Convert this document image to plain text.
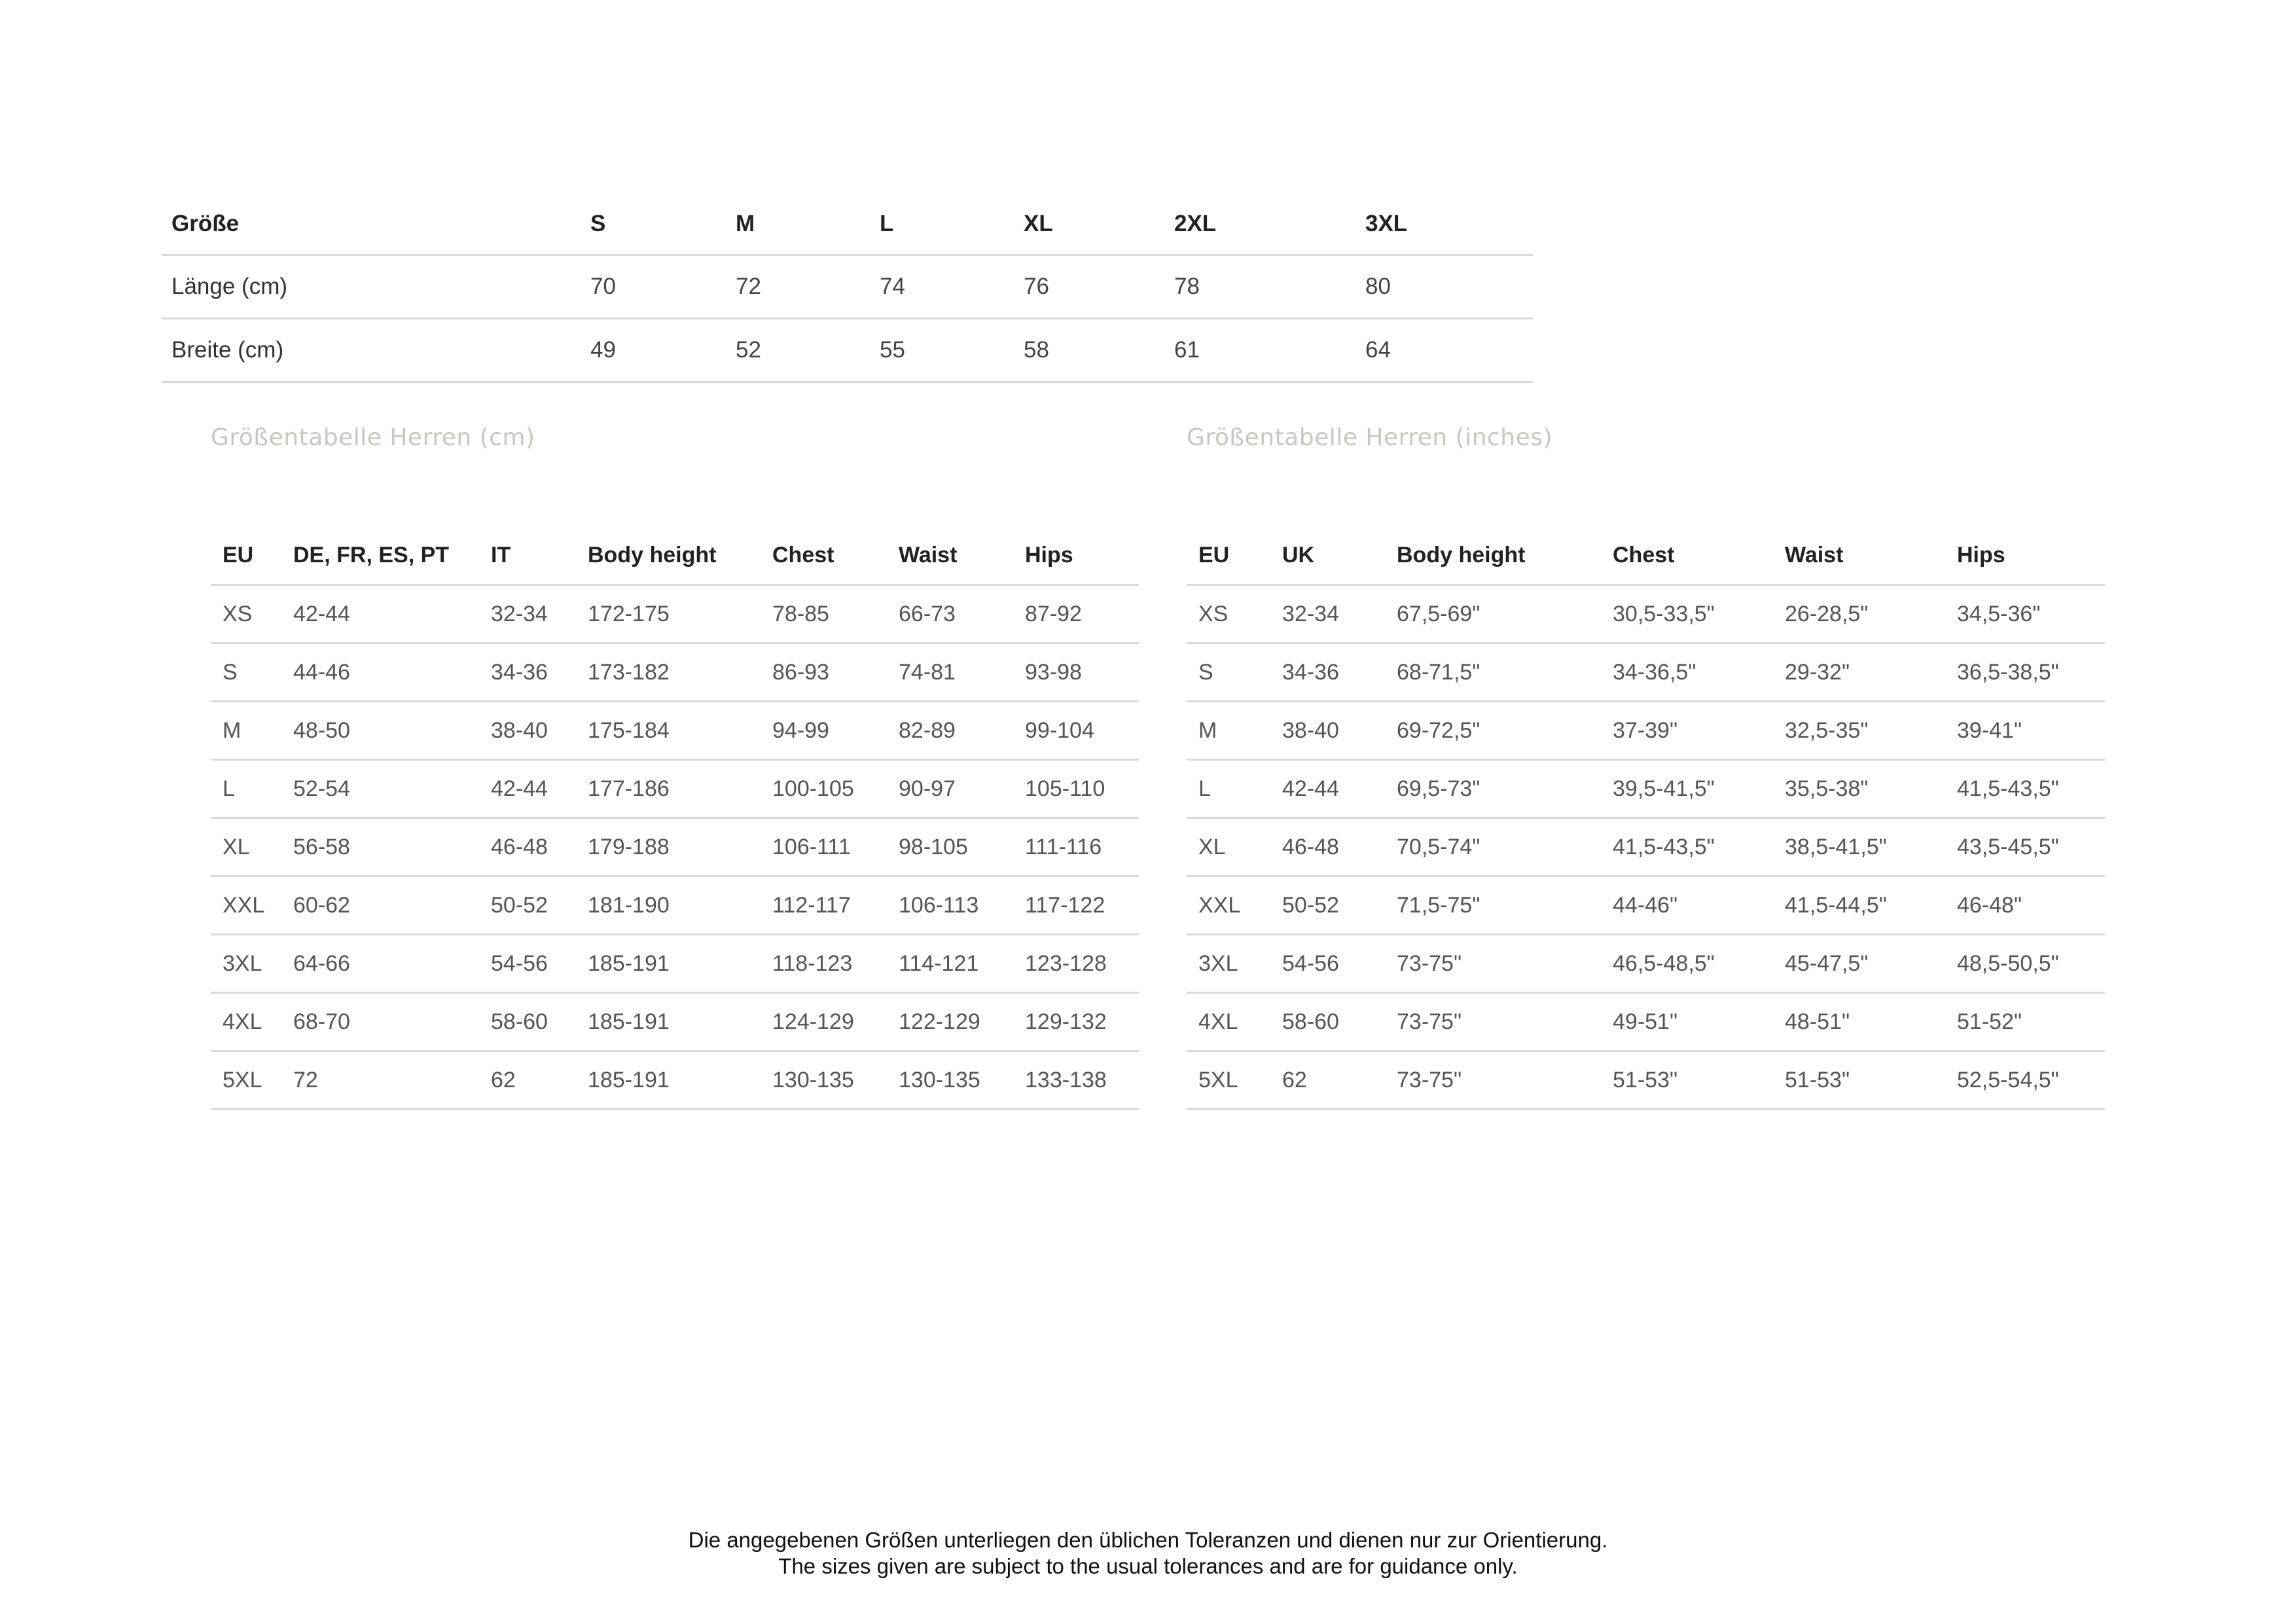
Größe	S	M	L	XL	2XL	3XL
Länge (cm)	70	72	74	76	78	80
Breite (cm)	49	52	55	58	61	64
Größentabelle Herren (cm)	Größentabelle Herren (inches)
EU	DE, FR, ES, PT	IT	Body height	Chest	Waist	Hips
XS	42-44	32-34	172-175	78-85	66-73	87-92
S	44-46	34-36	173-182	86-93	74-81	93-98
M	48-50	38-40	175-184	94-99	82-89	99-104
L	52-54	42-44	177-186	100-105	90-97	105-110
XL	56-58	46-48	179-188	106-111	98-105	111-116
XXL	60-62	50-52	181-190	112-117	106-113	117-122
3XL	64-66	54-56	185-191	118-123	114-121	123-128
4XL	68-70	58-60	185-191	124-129	122-129	129-132
5XL	72	62	185-191	130-135	130-135	133-138
EU	UK	Body height	Chest	Waist	Hips
XS	32-34	67,5-69"	30,5-33,5"	26-28,5"	34,5-36"
S	34-36	68-71,5"	34-36,5"	29-32"	36,5-38,5"
M	38-40	69-72,5"	37-39"	32,5-35"	39-41"
L	42-44	69,5-73"	39,5-41,5"	35,5-38"	41,5-43,5"
XL	46-48	70,5-74"	41,5-43,5"	38,5-41,5"	43,5-45,5"
XXL	50-52	71,5-75"	44-46"	41,5-44,5"	46-48"
3XL	54-56	73-75"	46,5-48,5"	45-47,5"	48,5-50,5"
4XL	58-60	73-75"	49-51"	48-51"	51-52"
5XL	62	73-75"	51-53"	51-53"	52,5-54,5"
Die angegebenen Größen unterliegen den üblichen Toleranzen und dienen nur zur Orientierung.
The sizes given are subject to the usual tolerances and are for guidance only.
